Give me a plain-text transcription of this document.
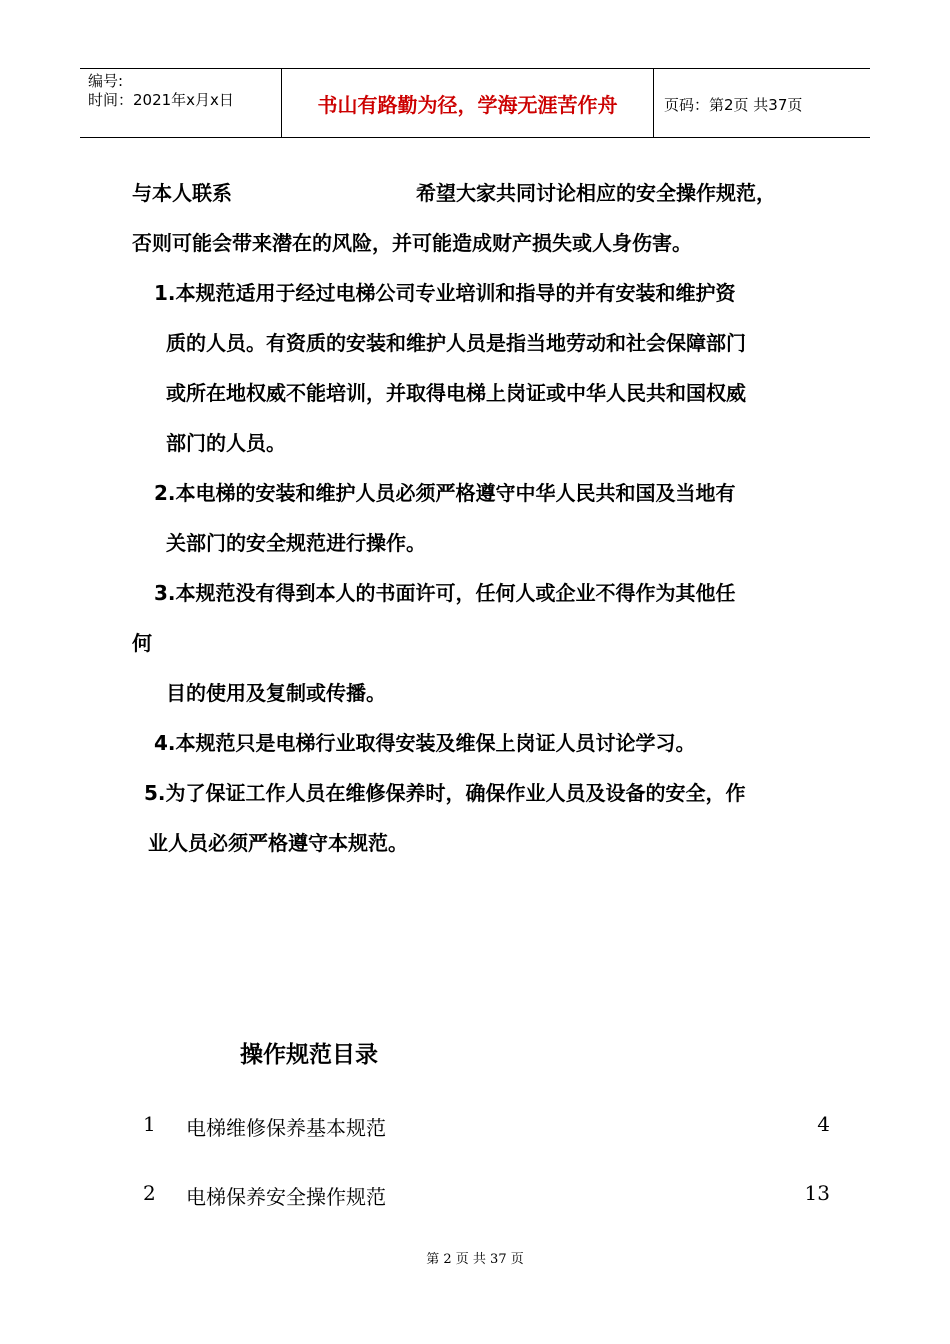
编号:
时间：2021年x月x日	书山有路勤为径，学海无涯苦作舟	页码：第2页 共37页
与本人联系	希望大家共同讨论相应的安全操作规范，
否则可能会带来潜在的风险，并可能造成财产损失或人身伤害。
1.本规范适用于经过电梯公司专业培训和指导的并有安装和维护资
质的人员。有资质的安装和维护人员是指当地劳动和社会保障部门
或所在地权威不能培训，并取得电梯上岗证或中华人民共和国权威
部门的人员。
2.本电梯的安装和维护人员必须严格遵守中华人民共和国及当地有
关部门的安全规范进行操作。
3.本规范没有得到本人的书面许可，任何人或企业不得作为其他任
何
目的使用及复制或传播。
4.本规范只是电梯行业取得安装及维保上岗证人员讨论学习。
5.为了保证工作人员在维修保养时，确保作业人员及设备的安全，作
业人员必须严格遵守本规范。
操作规范目录
1 电梯维修保养基本规范	4
2 电梯保养安全操作规范	13
第 2 页 共 37 页
